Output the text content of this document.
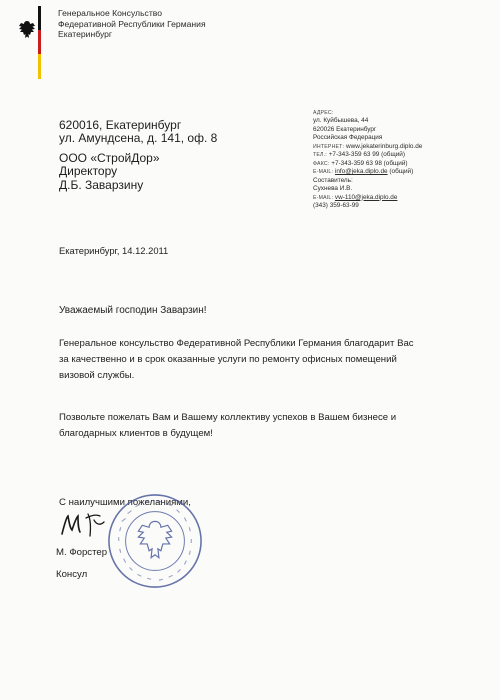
Генеральное Консульство
Федеративной Республики Германия
Екатеринбург
620016, Екатеринбург
ул. Амундсена, д. 141, оф. 8
ООО «СтройДор»
Директору
Д.Б. Заварзину
АДРЕС:
ул. Куйбышева, 44
620026 Екатеринбург
Российская Федерация
ИНТЕРНЕТ: www.jekaterinburg.diplo.de
ТЕЛ.: +7-343-359 63 99 (общий)
ФАКС: +7-343-359 63 98 (общий)
E-MAIL: info@jeka.diplo.de (общий)
Составитель:
Сухнева И.В.
E-MAIL: vw-110@jeka.diplo.de
(343) 359-63-99
Екатеринбург, 14.12.2011
Уважаемый господин Заварзин!
Генеральное консульство Федеративной Республики Германия благодарит Вас
за качественно и в срок оказанные услуги по ремонту офисных помещений
визовой службы.
Позвольте пожелать Вам и Вашему коллективу успехов в Вашем бизнесе и
благодарных клиентов в будущем!
С наилучшими пожеланиями,
М. Форстер
Консул
